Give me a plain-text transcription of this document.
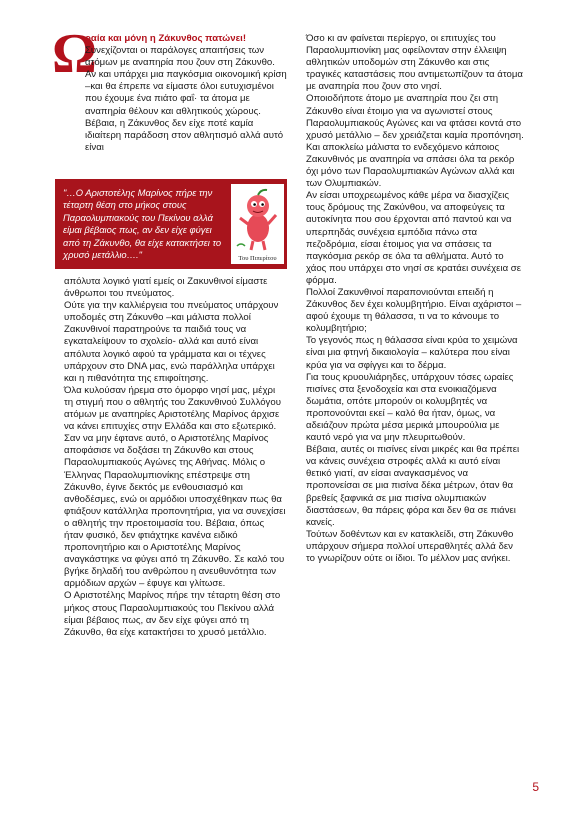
Ω

ραία και μόνη η Ζάκυνθος πατώνει!

Συνεχίζονται οι παράλογες απαιτήσεις των ατόμων με αναπηρία που ζουν στη Ζάκυνθο. Αν και υπάρχει μια παγκόσμια οικονομική κρίση –και θα έπρεπε να είμαστε όλοι ευτυχισμένοι που έχουμε ένα πιάτο φαΐ· τα άτομα με αναπηρία θέλουν και αθλητικούς χώρους. Βέβαια, η Ζάκυνθος δεν είχε ποτέ καμία ιδιαίτερη παράδοση στον αθλητισμό αλλά αυτό είναι

"…Ο Αριστοτέλης Μαρίνος πήρε την τέταρτη θέση στο μήκος στους Παραολυμπιακούς του Πεκίνου αλλά είμαι βέβαιος πως, αν δεν είχε φύγει από τη Ζάκυνθο, θα είχε κατακτήσει το χρυσό μετάλλιο…."	Του Πιπερίτου

απόλυτα λογικό γιατί εμείς οι Ζακυνθινοί είμαστε άνθρωποι του πνεύματος.

Ούτε για την καλλιέργεια του πνεύματος υπάρχουν υποδομές στη Ζάκυνθο –και μάλιστα πολλοί Ζακυνθινοί παρατηρούνε τα παιδιά τους να εγκαταλείψουν το σχολείο- αλλά και αυτό είναι απόλυτα λογικό αφού τα γράμματα και οι τέχνες υπάρχουν στο DNA μας, ενώ παράλληλα υπάρχει και η πιθανότητα της επιφοίτησης.

Όλα κυλούσαν ήρεμα στο όμορφο νησί μας, μέχρι τη στιγμή που ο αθλητής του Ζακυνθινού Συλλόγου ατόμων με αναπηρίες Αριστοτέλης Μαρίνος άρχισε να κάνει επιτυχίες στην Ελλάδα και στο εξωτερικό.

Σαν να μην έφτανε αυτό, ο Αριστοτέλης Μαρίνος αποφάσισε να δοξάσει τη Ζάκυνθο και στους Παραολυμπιακούς Αγώνες της Αθήνας. Μόλις ο Έλληνας Παραολυμπιονίκης επέστρεψε στη Ζάκυνθο, έγινε δεκτός με ενθουσιασμό και ανθοδέσμες, ενώ οι αρμόδιοι υποσχέθηκαν πως θα φτιάξουν κατάλληλα προπονητήρια, για να συνεχίσει ο αθλητής την προετοιμασία του. Βέβαια, όπως ήταν φυσικό, δεν φτιάχτηκε κανένα ειδικό προπονητήριο και ο Αριστοτέλης Μαρίνος αναγκάστηκε να φύγει από τη Ζάκυνθο. Σε καλό του βγήκε δηλαδή του ανθρώπου η ανευθυνότητα των αρμόδιων αρχών – έφυγε και γλίτωσε.

Ο Αριστοτέλης Μαρίνος πήρε την τέταρτη θέση στο μήκος στους Παραολυμπιακούς του Πεκίνου αλλά είμαι βέβαιος πως, αν δεν είχε φύγει από τη Ζάκυνθο, θα είχε κατακτήσει το χρυσό μετάλλιο.

Όσο κι αν φαίνεται περίεργο, οι επιτυχίες του Παραολυμπιονίκη μας οφείλονταν στην έλλειψη αθλητικών υποδομών στη Ζάκυνθο και στις τραγικές καταστάσεις που αντιμετωπίζουν τα άτομα με αναπηρία που ζουν στο νησί.

Οποιοδήποτε άτομο με αναπηρία που ζει στη Ζάκυνθο είναι έτοιμο για να αγωνιστεί στους Παραολυμπιακούς Αγώνες και να φτάσει κοντά στο χρυσό μετάλλιο – δεν χρειάζεται καμία προπόνηση. Και αποκλείω μάλιστα το ενδεχόμενο κάποιος Ζακυνθινός με αναπηρία να σπάσει όλα τα ρεκόρ όχι μόνο των Παραολυμπιακών Αγώνων αλλά και των Ολυμπιακών.

Αν είσαι υποχρεωμένος κάθε μέρα να διασχίζεις τους δρόμους της Ζακύνθου, να αποφεύγεις τα αυτοκίνητα που σου έρχονται από παντού και να υπερπηδάς συνέχεια εμπόδια πάνω στα πεζοδρόμια, είσαι έτοιμος για να σπάσεις τα παγκόσμια ρεκόρ σε όλα τα αθλήματα. Αυτό το χάος που υπάρχει στο νησί σε κρατάει συνέχεια σε φόρμα.

Πολλοί Ζακυνθινοί παραπονιούνται επειδή η Ζάκυνθος δεν έχει κολυμβητήριο. Είναι αχάριστοι – αφού έχουμε τη θάλασσα, τι να το κάνουμε το κολυμβητήριο;

Το γεγονός πως η θάλασσα είναι κρύα το χειμώνα είναι μια φτηνή δικαιολογία – καλύτερα που είναι κρύα για να σφίγγει και το δέρμα.

Για τους κρυουλιάρηδες, υπάρχουν τόσες ωραίες πισίνες στα ξενοδοχεία και στα ενοικιαζόμενα δωμάτια, οπότε μπορούν οι κολυμβητές να προπονούνται εκεί – καλό θα ήταν, όμως, να αδειάζουν πρώτα μέσα μερικά μπουρούλια με καυτό νερό για να μην πλευριτωθούν.

Βέβαια, αυτές οι πισίνες είναι μικρές και θα πρέπει να κάνεις συνέχεια στροφές αλλά κι αυτό είναι θετικό γιατί, αν είσαι αναγκασμένος να προπονείσαι σε μια πισίνα δέκα μέτρων, όταν θα βρεθείς ξαφνικά σε μια πισίνα ολυμπιακών διαστάσεων, θα πάρεις φόρα και δεν θα σε πιάνει κανείς.

Τούτων δοθέντων και εν κατακλείδι, στη Ζάκυνθο υπάρχουν σήμερα πολλοί υπεραθλητές αλλά δεν το γνωρίζουν ούτε οι ίδιοι. Το μέλλον μας ανήκει.

5
